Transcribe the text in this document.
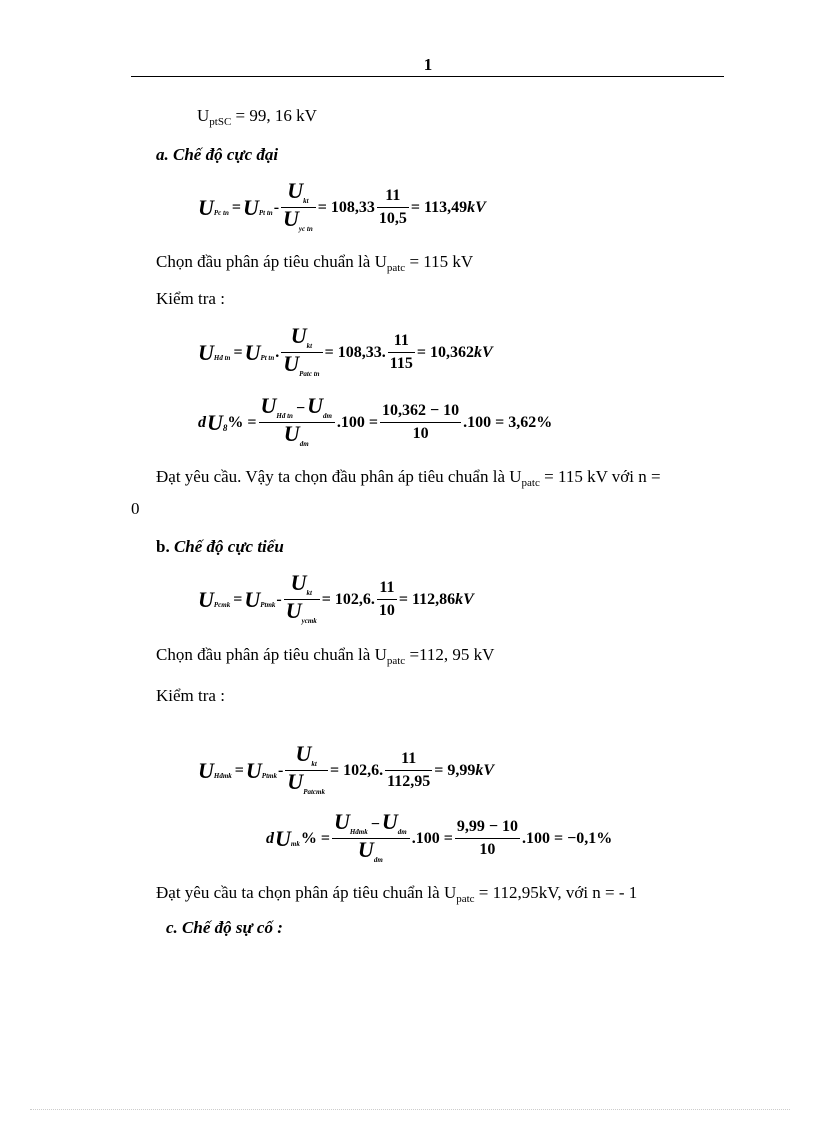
1
$U_{ptSC} = 99$, 16 kV
a. Chế độ cực đại
U Pc tn = U Pt tn - $\frac{\text{U kt}}{\text{U yc tn}} = 108,33 \frac{11}{10,5} = 113,49$ kV
Chọn đầu phân áp tiêu chuẩn là $U_{patc} = 115$ kV
Kiểm tra :
U Hđ tn = U Pt tn . $\frac{\text{U kt}}{\text{U Patc tn}} = 108,33$. $\frac{11}{115} = 10,362$ kV
d U 8 % = $\frac{\text{U Hđ tn − U dm}}{\text{U dm}} .100 = \frac{10,362 - 10}{10} .100 = 3,62\%$
Đạt yêu cầu. Vậy ta chọn đầu phân áp tiêu chuẩn là $U_{patc} = 115$ kV với n =
0
b. Chế độ cực tiểu
U Pcmk = U Ptmk - $\frac{\text{U kt}}{\text{U ycmk}} = 102,6$. $\frac{11}{10} = 112,86$ kV
Chọn đầu phân áp tiêu chuẩn là $U_{patc} =112$, 95 kV
Kiểm tra :
U Hđmk = U Ptmk - $\frac{\text{U kt}}{\text{U Patcmk}} = 102,6$. $\frac{11}{112,95} = 9,99$ kV
d U mk % = $\frac{\text{U Hđmk − U dm}}{\text{U dm}} .100 = \frac{9,99 - 10}{10} .100 = -0,1\%$
Đạt yêu cầu ta chọn phân áp tiêu chuẩn là $U_{patc} = 112,95kV$, với n = - 1
c. Chế độ sự cố :
